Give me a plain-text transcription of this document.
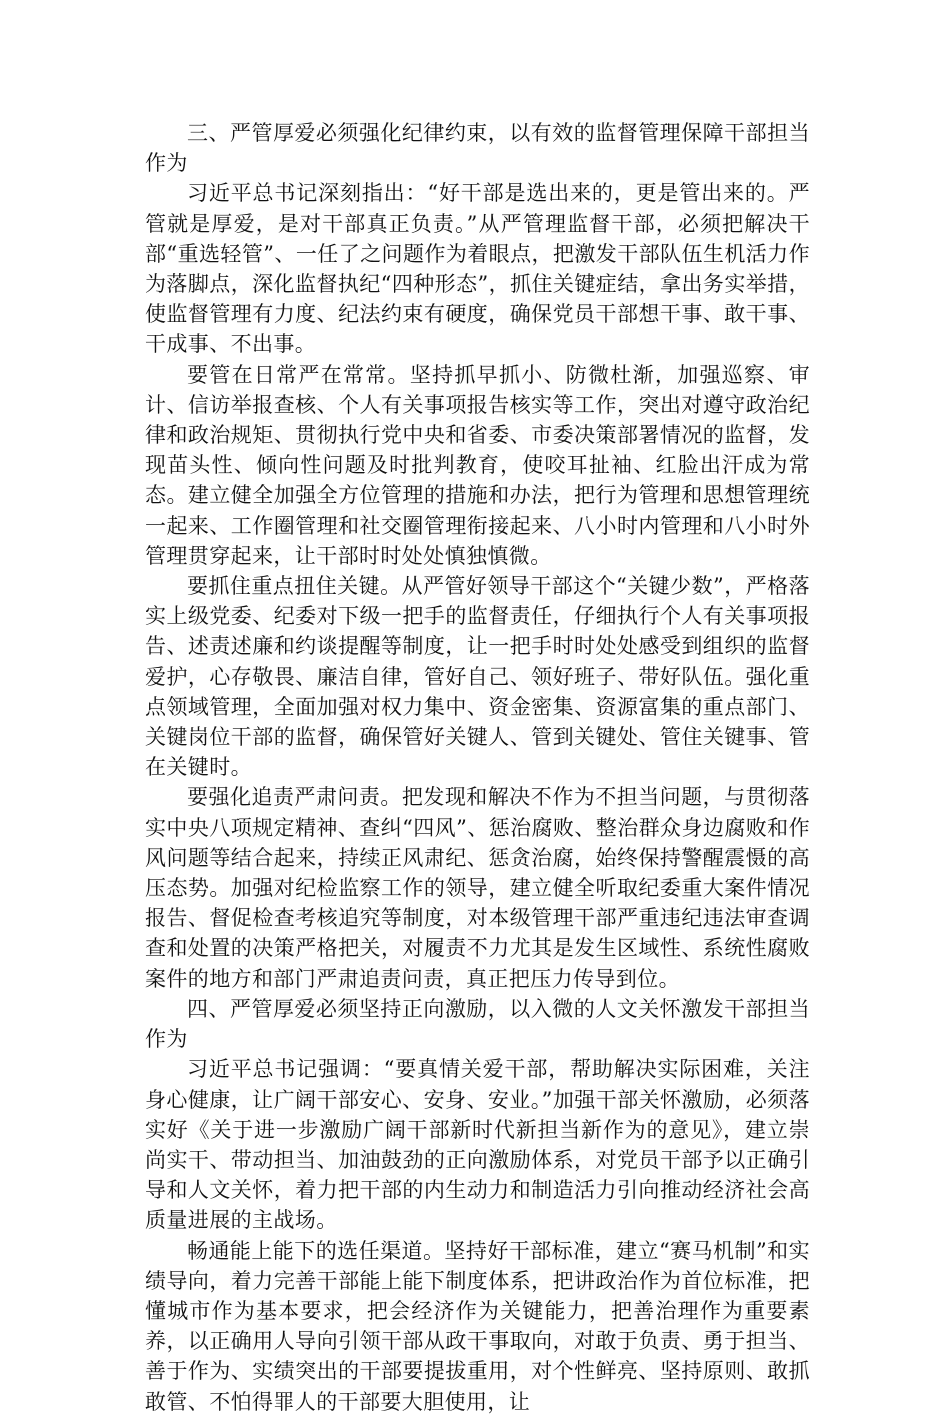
三、严管厚爱必须强化纪律约束，以有效的监督管理保障干部担当作为

习近平总书记深刻指出：“好干部是选出来的，更是管出来的。严管就是厚爱，是对干部真正负责。”从严管理监督干部，必须把解决干部“重选轻管”、一任了之问题作为着眼点，把激发干部队伍生机活力作为落脚点，深化监督执纪“四种形态”，抓住关键症结，拿出务实举措，使监督管理有力度、纪法约束有硬度，确保党员干部想干事、敢干事、干成事、不出事。

要管在日常严在常常。坚持抓早抓小、防微杜渐，加强巡察、审计、信访举报查核、个人有关事项报告核实等工作，突出对遵守政治纪律和政治规矩、贯彻执行党中央和省委、市委决策部署情况的监督，发现苗头性、倾向性问题及时批判教育，使咬耳扯袖、红脸出汗成为常态。建立健全加强全方位管理的措施和办法，把行为管理和思想管理统一起来、工作圈管理和社交圈管理衔接起来、八小时内管理和八小时外管理贯穿起来，让干部时时处处慎独慎微。

要抓住重点扭住关键。从严管好领导干部这个“关键少数”，严格落实上级党委、纪委对下级一把手的监督责任，仔细执行个人有关事项报告、述责述廉和约谈提醒等制度，让一把手时时处处感受到组织的监督爱护，心存敬畏、廉洁自律，管好自己、领好班子、带好队伍。强化重点领域管理，全面加强对权力集中、资金密集、资源富集的重点部门、关键岗位干部的监督，确保管好关键人、管到关键处、管住关键事、管在关键时。

要强化追责严肃问责。把发现和解决不作为不担当问题，与贯彻落实中央八项规定精神、查纠“四风”、惩治腐败、整治群众身边腐败和作风问题等结合起来，持续正风肃纪、惩贪治腐，始终保持警醒震慑的高压态势。加强对纪检监察工作的领导，建立健全听取纪委重大案件情况报告、督促检查考核追究等制度，对本级管理干部严重违纪违法审查调查和处置的决策严格把关，对履责不力尤其是发生区域性、系统性腐败案件的地方和部门严肃追责问责，真正把压力传导到位。

四、严管厚爱必须坚持正向激励，以入微的人文关怀激发干部担当作为

习近平总书记强调：“要真情关爱干部，帮助解决实际困难，关注身心健康，让广阔干部安心、安身、安业。”加强干部关怀激励，必须落实好《关于进一步激励广阔干部新时代新担当新作为的意见》，建立崇尚实干、带动担当、加油鼓劲的正向激励体系，对党员干部予以正确引导和人文关怀，着力把干部的内生动力和制造活力引向推动经济社会高质量进展的主战场。

畅通能上能下的选任渠道。坚持好干部标准，建立“赛马机制”和实绩导向，着力完善干部能上能下制度体系，把讲政治作为首位标准，把懂城市作为基本要求，把会经济作为关键能力，把善治理作为重要素养，以正确用人导向引领干部从政干事取向，对敢于负责、勇于担当、善于作为、实绩突出的干部要提拔重用，对个性鲜亮、坚持原则、敢抓敢管、不怕得罪人的干部要大胆使用，让
